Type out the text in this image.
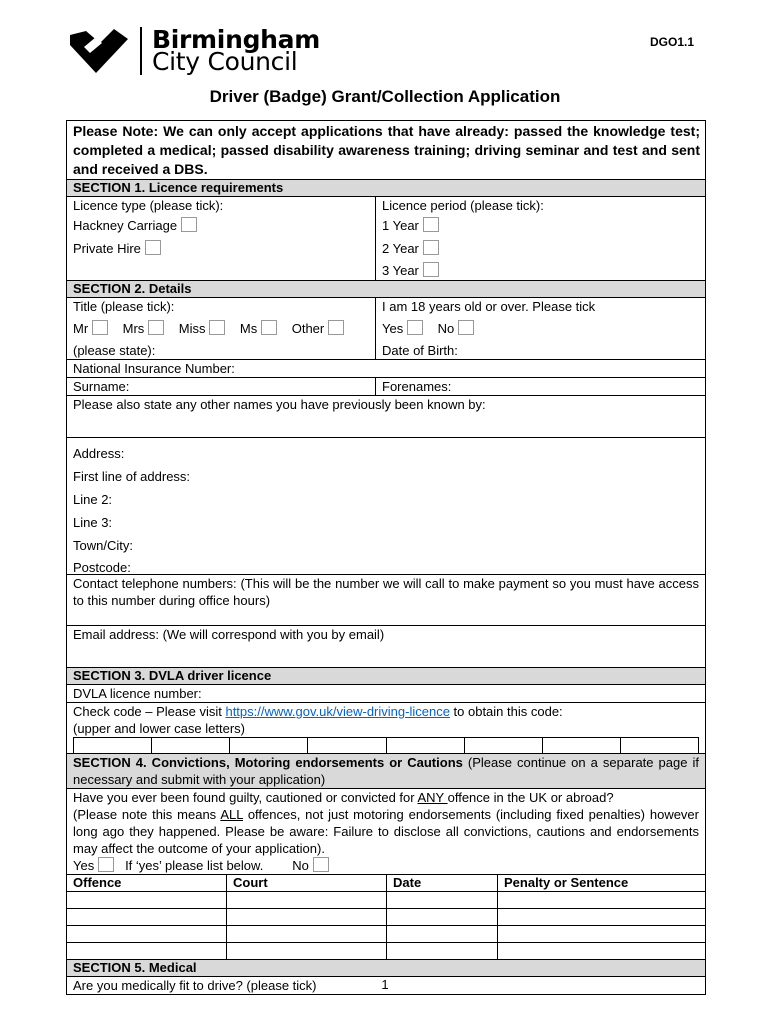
Birmingham
City Council
DGO1.1
Driver (Badge) Grant/Collection Application
Please Note: We can only accept applications that have already: passed the knowledge test; completed a medical; passed disability awareness training; driving seminar and test and sent and received a DBS.
SECTION 1. Licence requirements
Licence type (please tick):
Hackney Carriage
Private Hire
Licence period (please tick):
1 Year
2 Year
3 Year
SECTION 2. Details
Title (please tick):
Mr	Mrs	Miss	Ms	Other
(please state):
I am 18 years old or over. Please tick
Yes	No
Date of Birth:
National Insurance Number:
Surname:	Forenames:
Please also state any other names you have previously been known by:
Address:
First line of address:
Line 2:
Line 3:
Town/City:
Postcode:
Contact telephone numbers: (This will be the number we will call to make payment so you must have access to this number during office hours)
Email address: (We will correspond with you by email)
SECTION 3. DVLA driver licence
DVLA licence number:
Check code – Please visit https://www.gov.uk/view-driving-licence to obtain this code:
(upper and lower case letters)
SECTION 4. Convictions, Motoring endorsements or Cautions (Please continue on a separate page if necessary and submit with your application)
Have you ever been found guilty, cautioned or convicted for ANY offence in the UK or abroad?
(Please note this means ALL offences, not just motoring endorsements (including fixed penalties) however long ago they happened. Please be aware: Failure to disclose all convictions, cautions and endorsements may affect the outcome of your application).
Yes If ‘yes’ please list below. No
Offence	Court	Date	Penalty or Sentence
SECTION 5. Medical
Are you medically fit to drive? (please tick)	1
